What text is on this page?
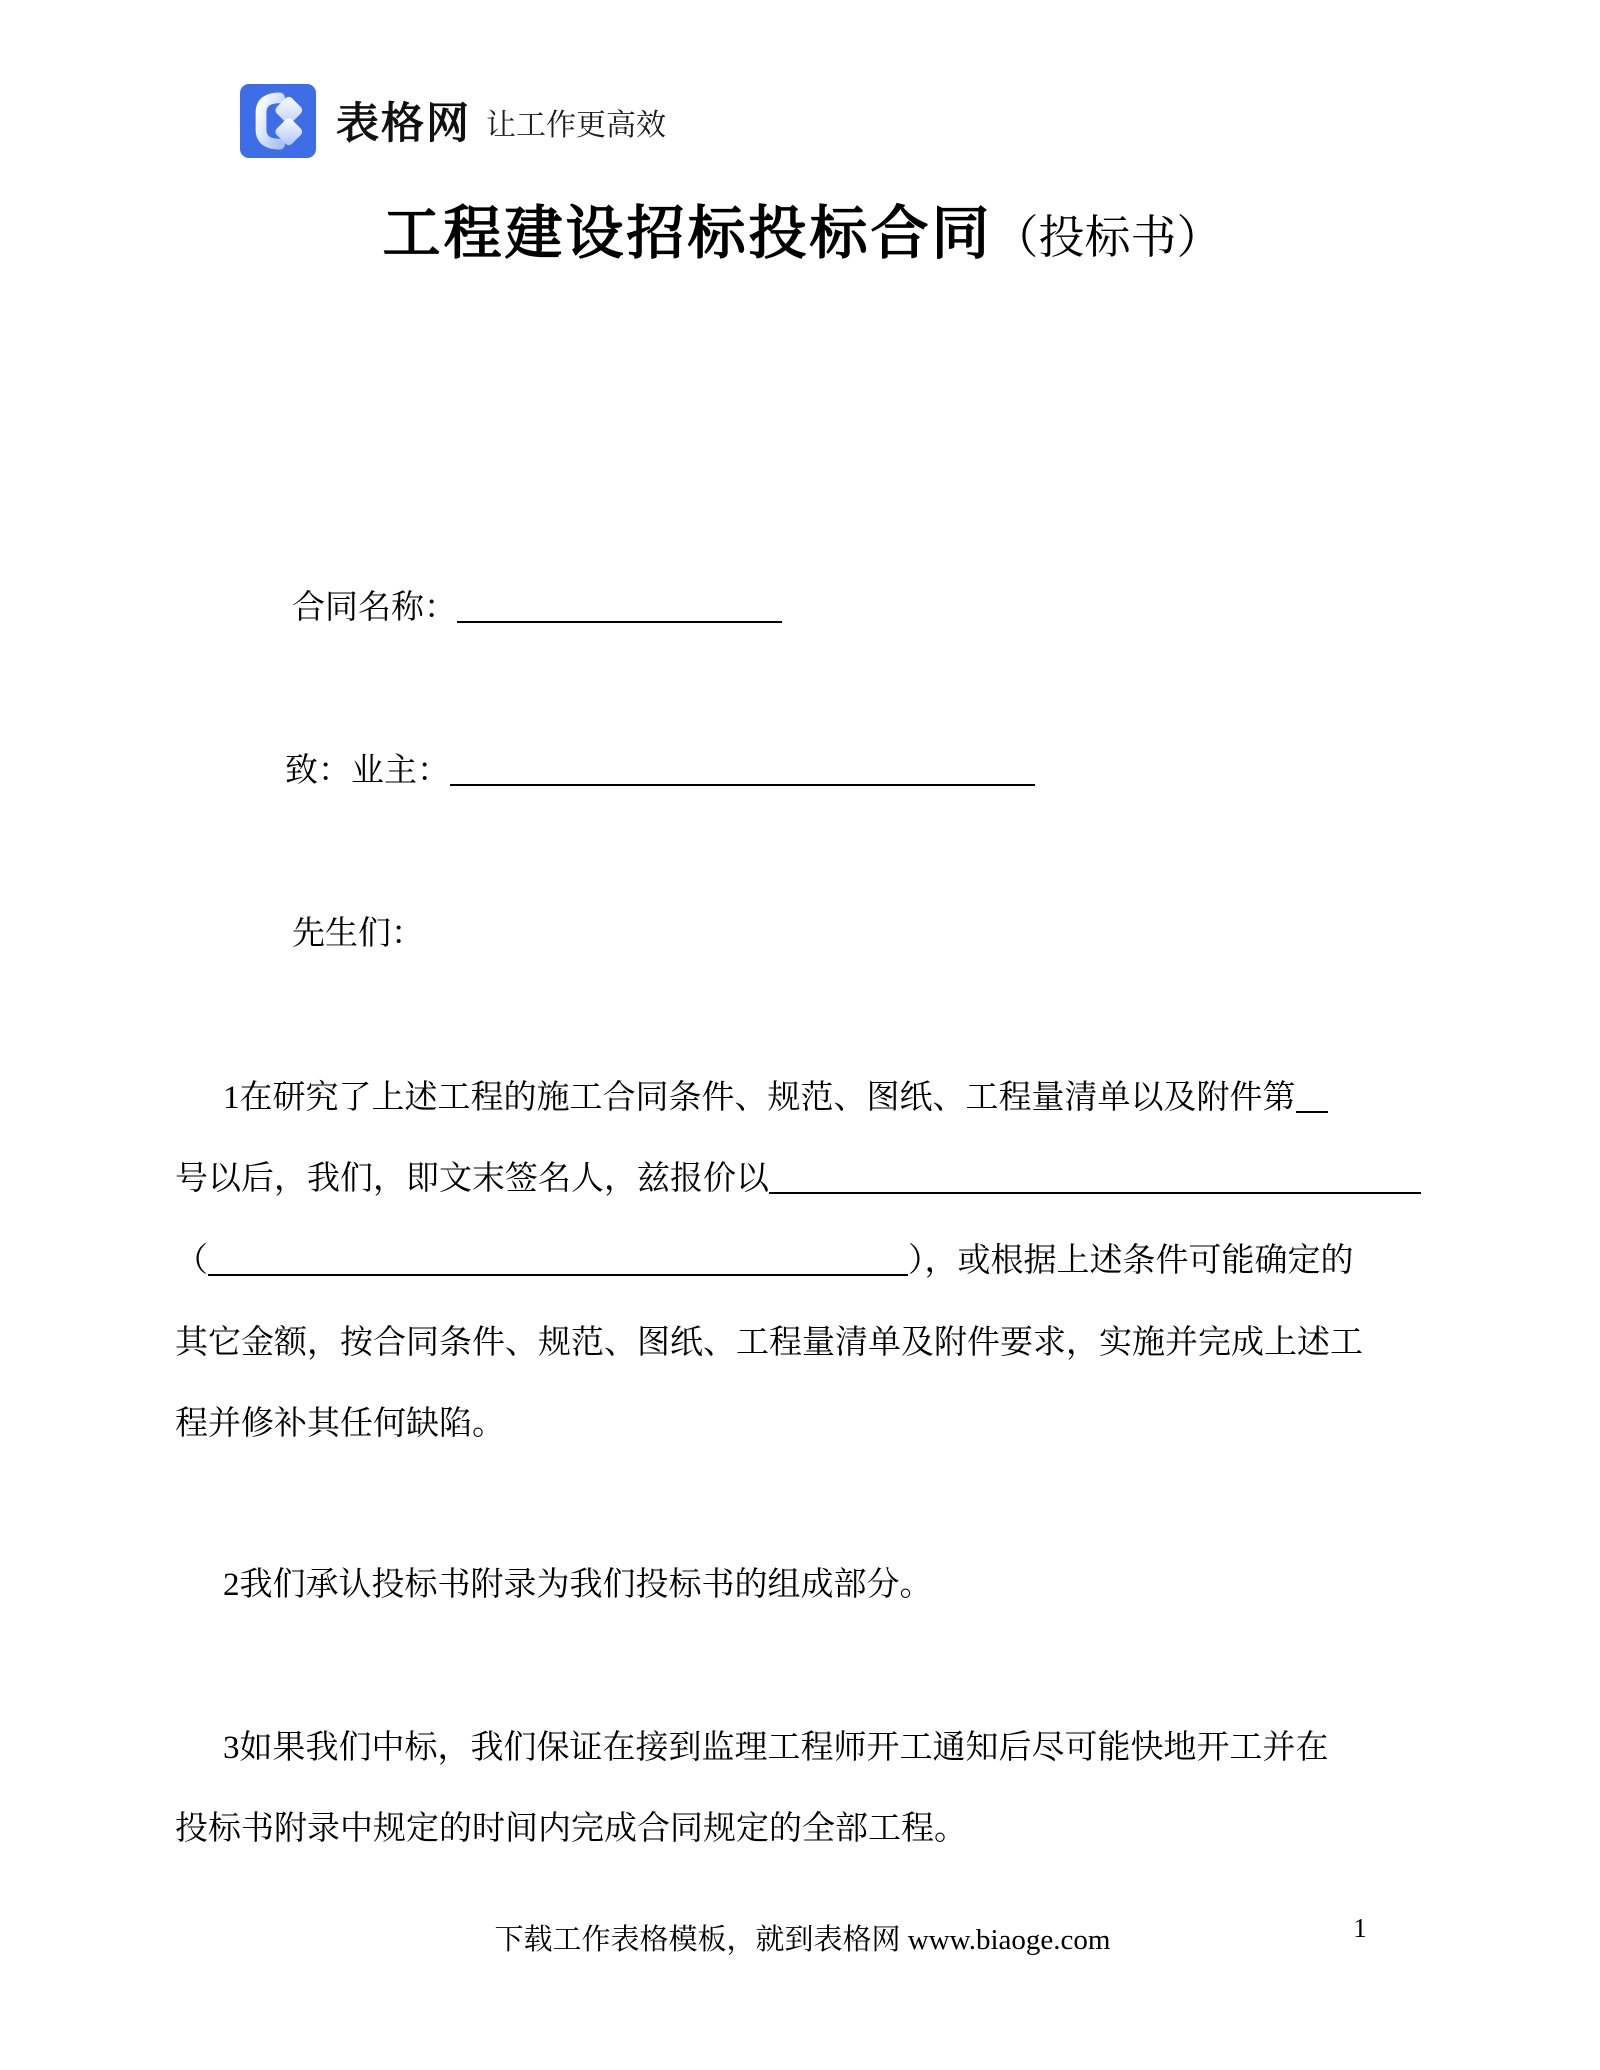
表格网 让工作更高效
工程建设招标投标合同（投标书）
合同名称：
致：业主：
先生们：
1在研究了上述工程的施工合同条件、规范、图纸、工程量清单以及附件第
号以后，我们，即文末签名人，兹报价以
（	），或根据上述条件可能确定的
其它金额，按合同条件、规范、图纸、工程量清单及附件要求，实施并完成上述工
程并修补其任何缺陷。
2我们承认投标书附录为我们投标书的组成部分。
3如果我们中标，我们保证在接到监理工程师开工通知后尽可能快地开工并在
投标书附录中规定的时间内完成合同规定的全部工程。
下载工作表格模板，就到表格网 www.biaoge.com	1
